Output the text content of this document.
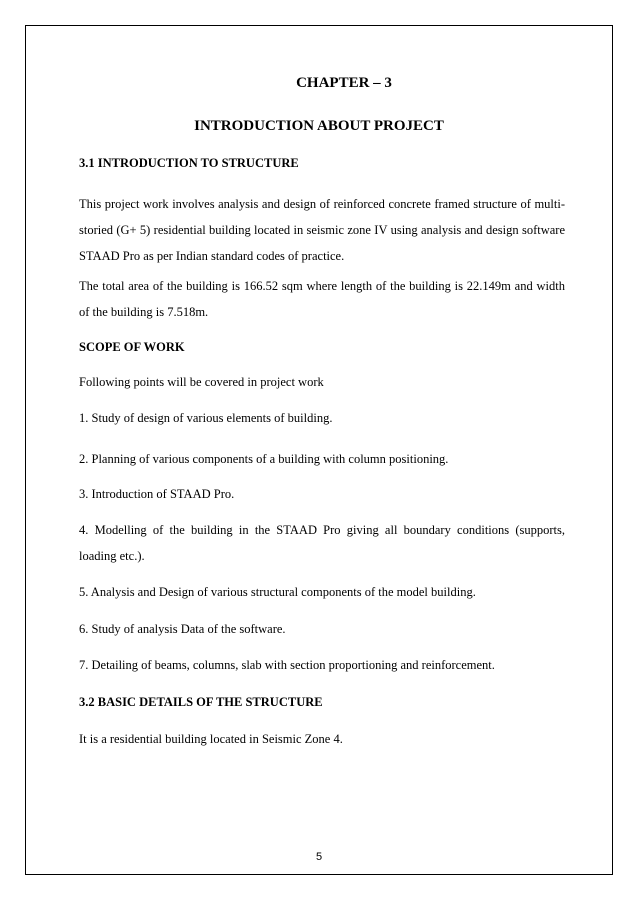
CHAPTER – 3
INTRODUCTION ABOUT PROJECT
3.1 INTRODUCTION TO STRUCTURE
This project work involves analysis and design of reinforced concrete framed structure of multi-storied (G+ 5) residential building located in seismic zone IV using analysis and design software STAAD Pro as per Indian standard codes of practice.
The total area of the building is 166.52 sqm where length of the building is 22.149m and width of the building is 7.518m.
SCOPE OF WORK
Following points will be covered in project work
1. Study of design of various elements of building.
2. Planning of various components of a building with column positioning.
3. Introduction of STAAD Pro.
4. Modelling of the building in the STAAD Pro giving all boundary conditions (supports, loading etc.).
5. Analysis and Design of various structural components of the model building.
6. Study of analysis Data of the software.
7. Detailing of beams, columns, slab with section proportioning and reinforcement.
3.2 BASIC DETAILS OF THE STRUCTURE
It is a residential building located in Seismic Zone 4.
5
